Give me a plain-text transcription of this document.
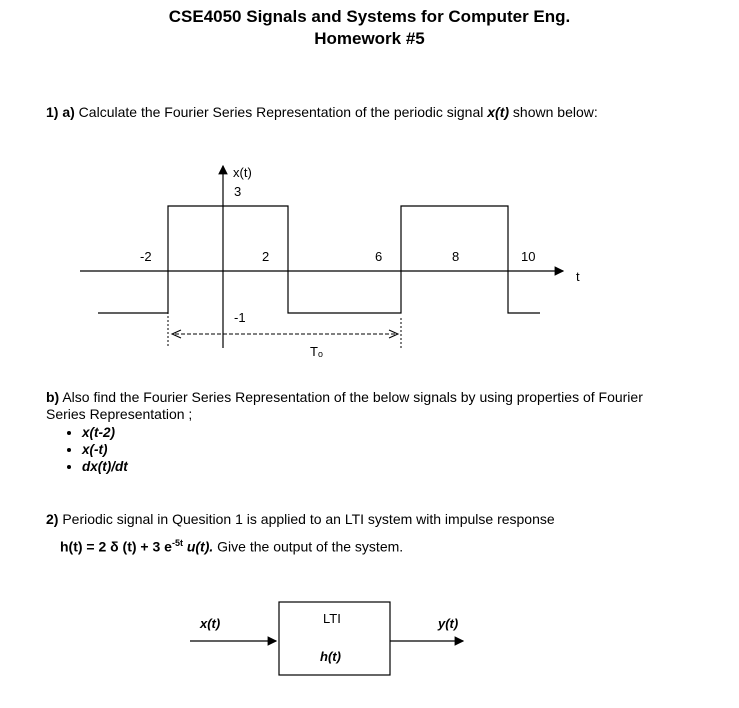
CSE4050 Signals and Systems for Computer Eng.
Homework #5
1) a) Calculate the Fourier Series Representation of the periodic signal x(t) shown below:
x(t)
3
-1
-2	2	6	8	10
t
Tₒ
b) Also find the Fourier Series Representation of the below signals by using properties of Fourier
Series Representation ;
• x(t-2)
• x(-t)
• dx(t)/dt
2) Periodic signal in Quesition 1 is applied to an LTI system with impulse response
h(t) = 2 δ (t) + 3 $e^{-5t}$ u(t). Give the output of the system.
x(t)	LTI
h(t)
y(t)
